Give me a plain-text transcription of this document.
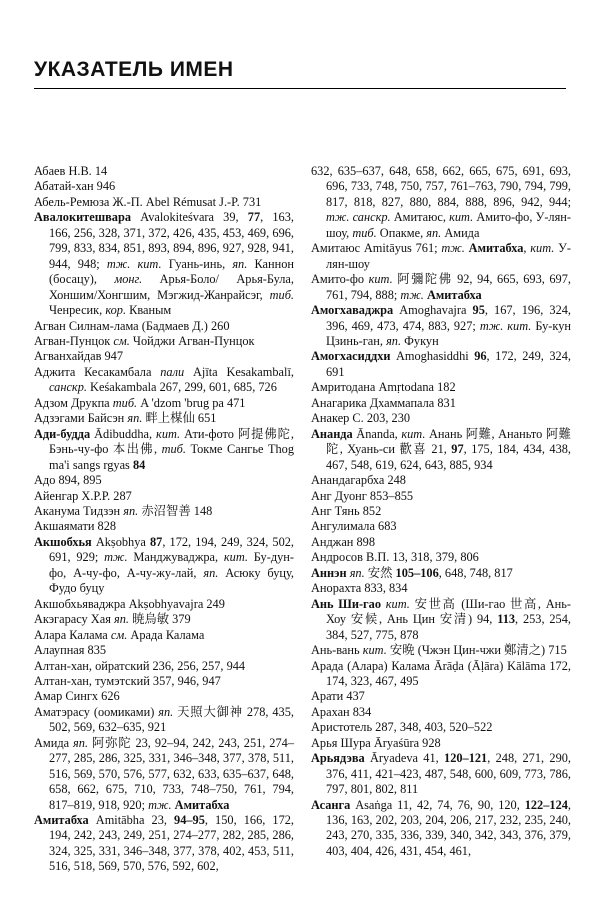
УКАЗАТЕЛЬ ИМЕН
Абаев Н.В. 14
Абатай-хан 946
Абель-Ремюза Ж.-П. Abel Rémusat J.-P. 731
Авалокитешвара Avalokiteśvara 39, 77, 163, 166, 256, 328, 371, 372, 426, 435, 453, 469, 696, 799, 833, 834, 851, 893, 894, 896, 927, 928, 941, 944, 948; тж. кит. Гуань-инь, яп. Каннон (босацу), монг. Арья-Боло/ Арья-Була, Хоншим/Хонгшим, Мэгжид-Жанрайсэг, тиб. Ченресик, кор. Кваным
Агван Силнам-лама (Бадмаев Д.) 260
Агван-Пунцок см. Чойджи Агван-Пунцок
Агванхайдав 947
Аджита Кесакамбала пали Ajīta Kesakambalī, санскр. Keśakambala 267, 299, 601, 685, 726
Адзом Друкпа тиб. A 'dzom 'brug pa 471
Адзэгами Байсэн яп. 畔上楳仙 651
Ади-будда Ādibuddha, кит. Ати-фото 阿提佛陀, Бэнь-чу-фо 本出佛, тиб. Токме Сангье Thog ma'i sangs rgyas 84
Адо 894, 895
Айенгар Х.Р.Р. 287
Аканума Тидзэн яп. 赤沼智善 148
Акшаямати 828
Акшобхья Akṣobhya 87, 172, 194, 249, 324, 502, 691, 929; тж. Манджуваджра, кит. Бу-дун-фо, А-чу-фо, А-чу-жу-лай, яп. Асюку буцу, Фудо буцу
Акшобхьяваджра Akṣobhyavajra 249
Акэгарасу Хая яп. 暁烏敏 379
Алара Калама см. Арада Калама
Алаупная 835
Алтан-хан, ойратский 236, 256, 257, 944
Алтан-хан, тумэтский 357, 946, 947
Амар Сингх 626
Аматэрасу (оомиками) яп. 天照大御神 278, 435, 502, 569, 632–635, 921
Амида яп. 阿弥陀 23, 92–94, 242, 243, 251, 274–277, 285, 286, 325, 331, 346–348, 377, 378, 511, 516, 569, 570, 576, 577, 632, 633, 635–637, 648, 658, 662, 675, 710, 733, 748–750, 761, 794, 817–819, 918, 920; тж. Амитабха
Амитабха Amitābha 23, 94–95, 150, 166, 172, 194, 242, 243, 249, 251, 274–277, 282, 285, 286, 324, 325, 331, 346–348, 377, 378, 402, 453, 511, 516, 518, 569, 570, 576, 592, 602,
632, 635–637, 648, 658, 662, 665, 675, 691, 693, 696, 733, 748, 750, 757, 761–763, 790, 794, 799, 817, 818, 827, 880, 884, 888, 896, 942, 944; тж. санскр. Амитаюс, кит. Амито-фо, У-лян-шоу, тиб. Опакме, яп. Амида
Амитаюс Amitāyus 761; тж. Амитабха, кит. У-лян-шоу
Амито-фо кит. 阿彌陀佛 92, 94, 665, 693, 697, 761, 794, 888; тж. Амитабха
Амогхаваджра Amoghavajra 95, 167, 196, 324, 396, 469, 473, 474, 883, 927; тж. кит. Бу-кун Цзинь-ган, яп. Фукун
Амогхасиддхи Amoghasiddhi 96, 172, 249, 324, 691
Амритодана Amṛtodana 182
Анагарика Дхаммапала 831
Анакер С. 203, 230
Ананда Ānanda, кит. Анань 阿難, Ананьто 阿難陀, Хуань-си 歡喜 21, 97, 175, 184, 434, 438, 467, 548, 619, 624, 643, 885, 934
Анандагарбха 248
Анг Дуонг 853–855
Анг Тянь 852
Ангулимала 683
Анджан 898
Андросов В.П. 13, 318, 379, 806
Аннэн яп. 安然 105–106, 648, 748, 817
Анорахта 833, 834
Ань Ши-гао кит. 安世高 (Ши-гао 世高, Ань-Хоу 安候, Ань Цин 安清) 94, 113, 253, 254, 384, 527, 775, 878
Ань-вань кит. 安晩 (Чжэн Цин-чжи 鄭清之) 715
Арада (Алара) Калама Ārāḍa (Āḷāra) Kālāma 172, 174, 323, 467, 495
Арати 437
Арахан 834
Аристотель 287, 348, 403, 520–522
Арья Шура Āryaśūra 928
Арьядэва Āryadeva 41, 120–121, 248, 271, 290, 376, 411, 421–423, 487, 548, 600, 609, 773, 786, 797, 801, 802, 811
Асанга Asaṅga 11, 42, 74, 76, 90, 120, 122–124, 136, 163, 202, 203, 204, 206, 217, 232, 235, 240, 243, 270, 335, 336, 339, 340, 342, 343, 376, 379, 403, 404, 426, 431, 454, 461,
